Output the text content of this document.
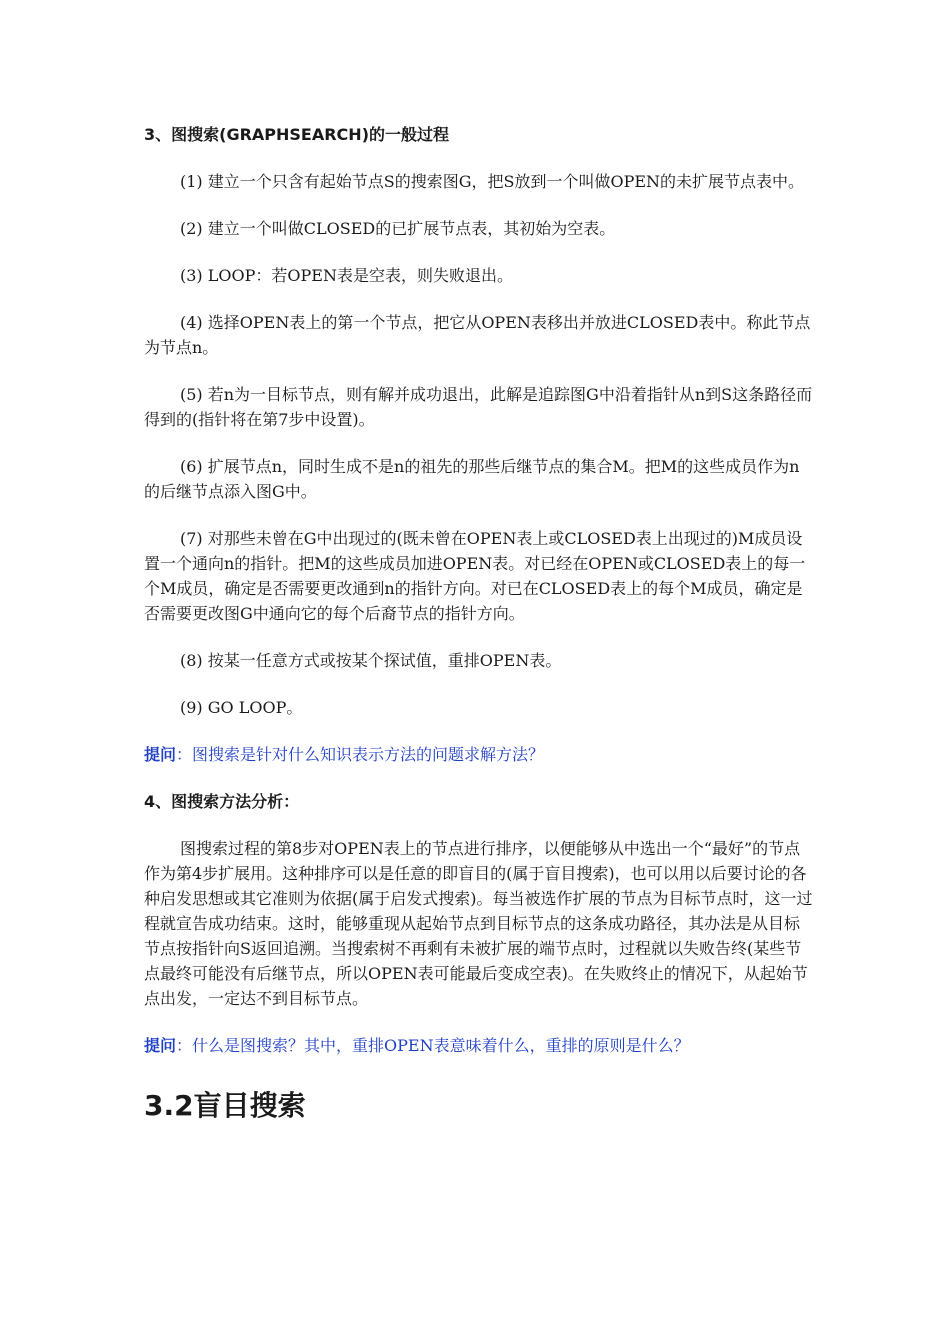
3、图搜索(GRAPHSEARCH)的一般过程

(1) 建立一个只含有起始节点S的搜索图G，把S放到一个叫做OPEN的未扩展节点表中。

(2) 建立一个叫做CLOSED的已扩展节点表，其初始为空表。

(3) LOOP：若OPEN表是空表，则失败退出。

(4) 选择OPEN表上的第一个节点，把它从OPEN表移出并放进CLOSED表中。称此节点为节点n。

(5) 若n为一目标节点，则有解并成功退出，此解是追踪图G中沿着指针从n到S这条路径而得到的(指针将在第7步中设置)。

(6) 扩展节点n，同时生成不是n的祖先的那些后继节点的集合M。把M的这些成员作为n的后继节点添入图G中。

(7) 对那些未曾在G中出现过的(既未曾在OPEN表上或CLOSED表上出现过的)M成员设置一个通向n的指针。把M的这些成员加进OPEN表。对已经在OPEN或CLOSED表上的每一个M成员，确定是否需要更改通到n的指针方向。对已在CLOSED表上的每个M成员，确定是否需要更改图G中通向它的每个后裔节点的指针方向。

(8) 按某一任意方式或按某个探试值，重排OPEN表。

(9) GO LOOP。

提问：图搜索是针对什么知识表示方法的问题求解方法？

4、图搜索方法分析：

图搜索过程的第8步对OPEN表上的节点进行排序，以便能够从中选出一个“最好”的节点作为第4步扩展用。这种排序可以是任意的即盲目的(属于盲目搜索)，也可以用以后要讨论的各种启发思想或其它准则为依据(属于启发式搜索)。每当被选作扩展的节点为目标节点时，这一过程就宣告成功结束。这时，能够重现从起始节点到目标节点的这条成功路径，其办法是从目标节点按指针向S返回追溯。当搜索树不再剩有未被扩展的端节点时，过程就以失败告终(某些节点最终可能没有后继节点，所以OPEN表可能最后变成空表)。在失败终止的情况下，从起始节点出发，一定达不到目标节点。

提问：什么是图搜索？其中，重排OPEN表意味着什么，重排的原则是什么？

3.2盲目搜索
